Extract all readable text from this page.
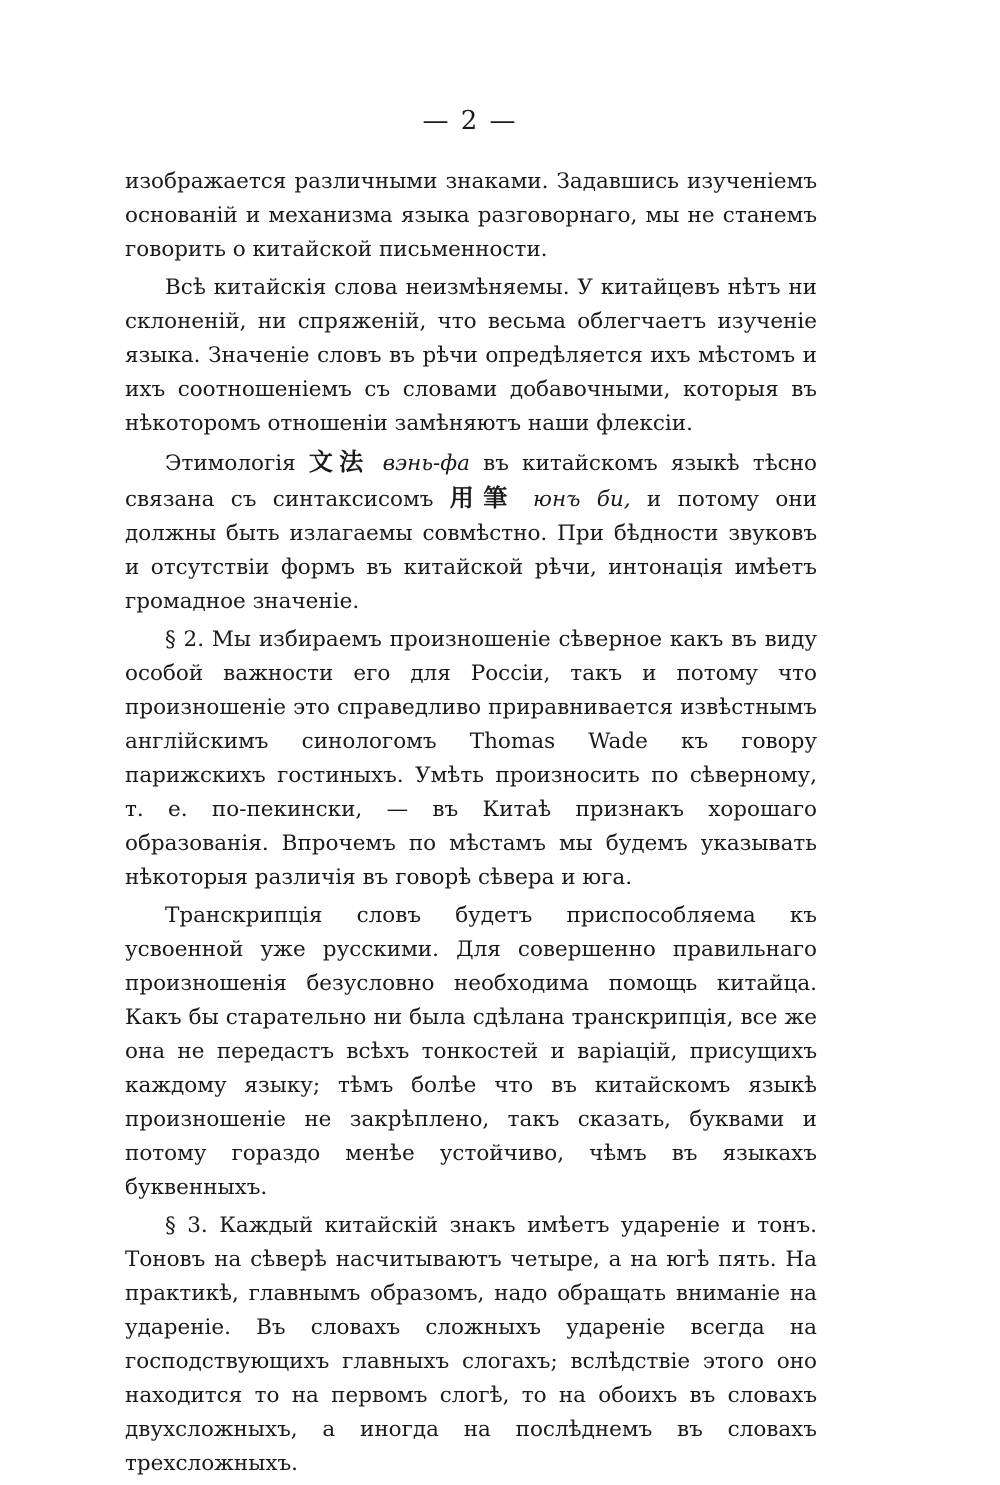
— 2 —

изображается различными знаками. Задавшись изученіемъ основаній и механизма языка разговорнаго, мы не станемъ говорить о китайской письменности.

Всѣ китайскія слова неизмѣняемы. У китайцевъ нѣтъ ни склоненій, ни спряженій, что весьма облегчаетъ изученіе языка. Значеніе словъ въ рѣчи опредѣляется ихъ мѣстомъ и ихъ соотношеніемъ съ словами добавочными, которыя въ нѣкоторомъ отношеніи замѣняютъ наши флексіи.

Этимологія 文法 вэнь-фа въ китайскомъ языкѣ тѣсно связана съ синтаксисомъ 用筆 юнъ би, и потому они должны быть излагаемы совмѣстно. При бѣдности звуковъ и отсутствіи формъ въ китайской рѣчи, интонація имѣетъ громадное значеніе.

§ 2. Мы избираемъ произношеніе сѣверное какъ въ виду особой важности его для Россіи, такъ и потому что произношеніе это справедливо приравнивается извѣстнымъ англійскимъ синологомъ Thomas Wade къ говору парижскихъ гостиныхъ. Умѣть произносить по сѣверному, т. е. по-пекински, — въ Китаѣ признакъ хорошаго образованія. Впрочемъ по мѣстамъ мы будемъ указывать нѣкоторыя различія въ говорѣ сѣвера и юга.

Транскрипція словъ будетъ приспособляема къ усвоенной уже русскими. Для совершенно правильнаго произношенія безусловно необходима помощь китайца. Какъ бы старательно ни была сдѣлана транскрипція, все же она не передастъ всѣхъ тонкостей и варіацій, присущихъ каждому языку; тѣмъ болѣе что въ китайскомъ языкѣ произношеніе не закрѣплено, такъ сказать, буквами и потому гораздо менѣе устойчиво, чѣмъ въ языкахъ буквенныхъ.

§ 3. Каждый китайскій знакъ имѣетъ удареніе и тонъ. Тоновъ на сѣверѣ насчитываютъ четыре, а на югѣ пять. На практикѣ, главнымъ образомъ, надо обращать вниманіе на удареніе. Въ словахъ сложныхъ удареніе всегда на господствующихъ главныхъ слогахъ; вслѣдствіе этого оно находится то на первомъ слогѣ, то на обоихъ въ словахъ двухсложныхъ, а иногда на послѣднемъ въ словахъ трехсложныхъ.
